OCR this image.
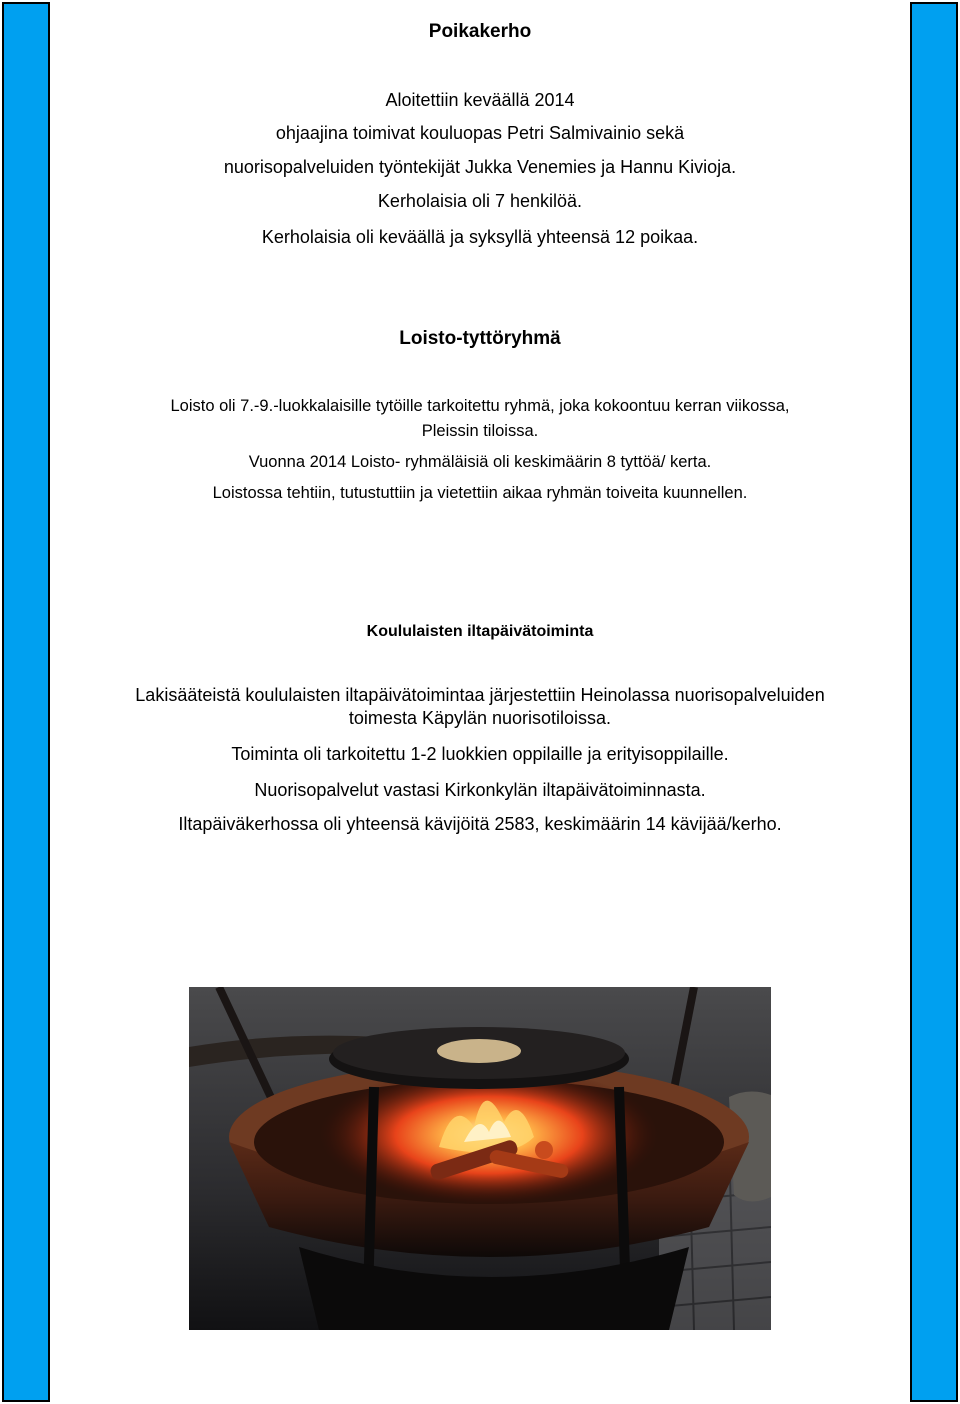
Poikakerho
Aloitettiin keväällä 2014
ohjaajina toimivat kouluopas Petri Salmivainio sekä
nuorisopalveluiden työntekijät Jukka Venemies ja Hannu Kivioja.
Kerholaisia oli 7 henkilöä.
Kerholaisia oli keväällä ja syksyllä yhteensä 12 poikaa.
Loisto-tyttöryhmä
Loisto oli 7.-9.-luokkalaisille tytöille tarkoitettu ryhmä, joka kokoontuu kerran viikossa,
Pleissin tiloissa.
Vuonna 2014 Loisto- ryhmäläisiä oli keskimäärin 8 tyttöä/ kerta.
Loistossa tehtiin, tutustuttiin ja vietettiin aikaa ryhmän toiveita kuunnellen.
Koululaisten iltapäivätoiminta
Lakisääteistä koululaisten iltapäivätoimintaa järjestettiin Heinolassa nuorisopalveluiden
toimesta Käpylän nuorisotiloissa.
Toiminta oli tarkoitettu 1-2 luokkien oppilaille ja erityisoppilaille.
Nuorisopalvelut vastasi Kirkonkylän iltapäivätoiminnasta.
Iltapäiväkerhossa oli yhteensä kävijöitä 2583, keskimäärin 14 kävijää/kerho.
